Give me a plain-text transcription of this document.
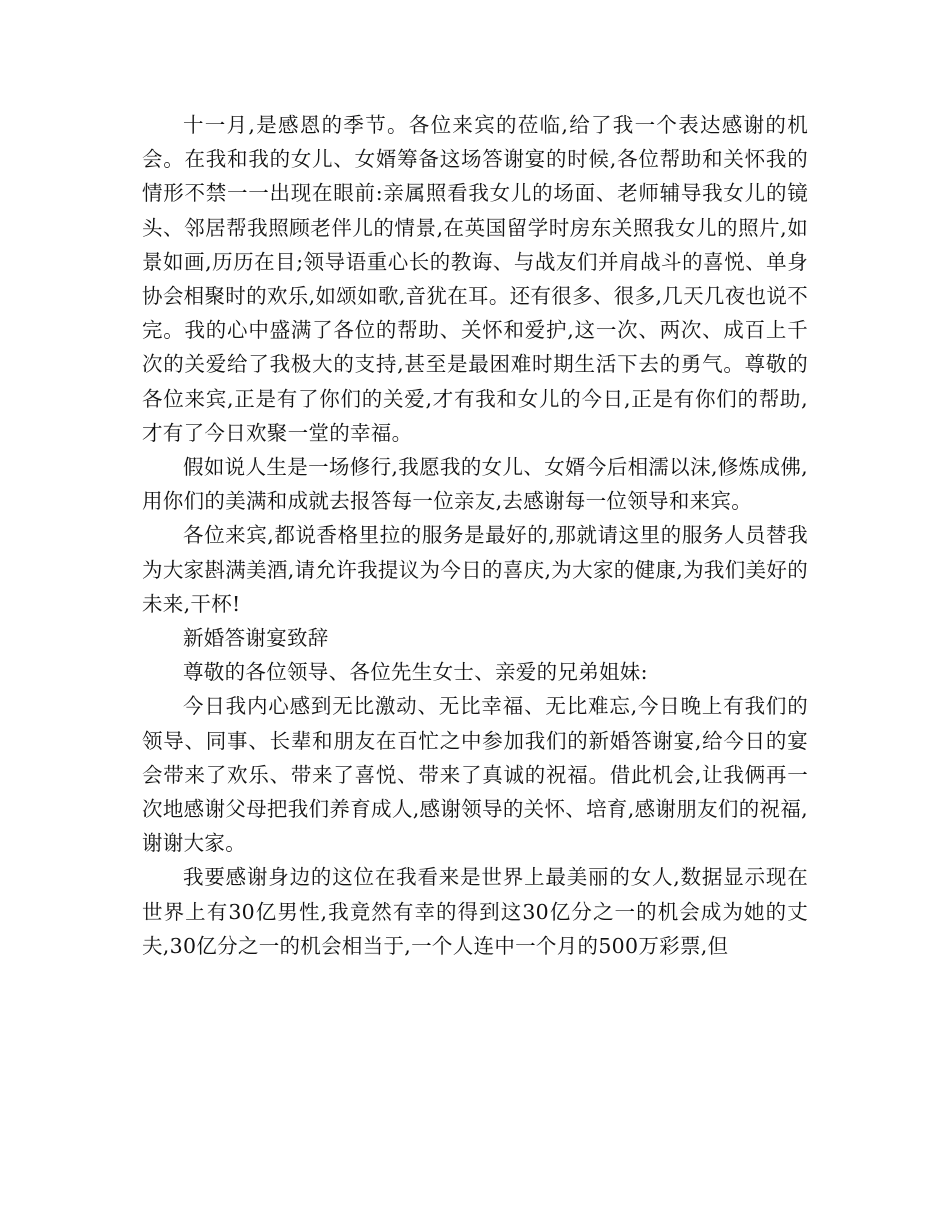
十一月,是感恩的季节。各位来宾的莅临,给了我一个表达感谢的机会。在我和我的女儿、女婿筹备这场答谢宴的时候,各位帮助和关怀我的情形不禁一一出现在眼前:亲属照看我女儿的场面、老师辅导我女儿的镜头、邻居帮我照顾老伴儿的情景,在英国留学时房东关照我女儿的照片,如景如画,历历在目;领导语重心长的教诲、与战友们并肩战斗的喜悦、单身协会相聚时的欢乐,如颂如歌,音犹在耳。还有很多、很多,几天几夜也说不完。我的心中盛满了各位的帮助、关怀和爱护,这一次、两次、成百上千次的关爱给了我极大的支持,甚至是最困难时期生活下去的勇气。尊敬的各位来宾,正是有了你们的关爱,才有我和女儿的今日,正是有你们的帮助,才有了今日欢聚一堂的幸福。

假如说人生是一场修行,我愿我的女儿、女婿今后相濡以沫,修炼成佛,用你们的美满和成就去报答每一位亲友,去感谢每一位领导和来宾。

各位来宾,都说香格里拉的服务是最好的,那就请这里的服务人员替我为大家斟满美酒,请允许我提议为今日的喜庆,为大家的健康,为我们美好的未来,干杯!

新婚答谢宴致辞

尊敬的各位领导、各位先生女士、亲爱的兄弟姐妹:

今日我内心感到无比激动、无比幸福、无比难忘,今日晚上有我们的领导、同事、长辈和朋友在百忙之中参加我们的新婚答谢宴,给今日的宴会带来了欢乐、带来了喜悦、带来了真诚的祝福。借此机会,让我俩再一次地感谢父母把我们养育成人,感谢领导的关怀、培育,感谢朋友们的祝福,谢谢大家。

我要感谢身边的这位在我看来是世界上最美丽的女人,数据显示现在世界上有30亿男性,我竟然有幸的得到这30亿分之一的机会成为她的丈夫,30亿分之一的机会相当于,一个人连中一个月的500万彩票,但
